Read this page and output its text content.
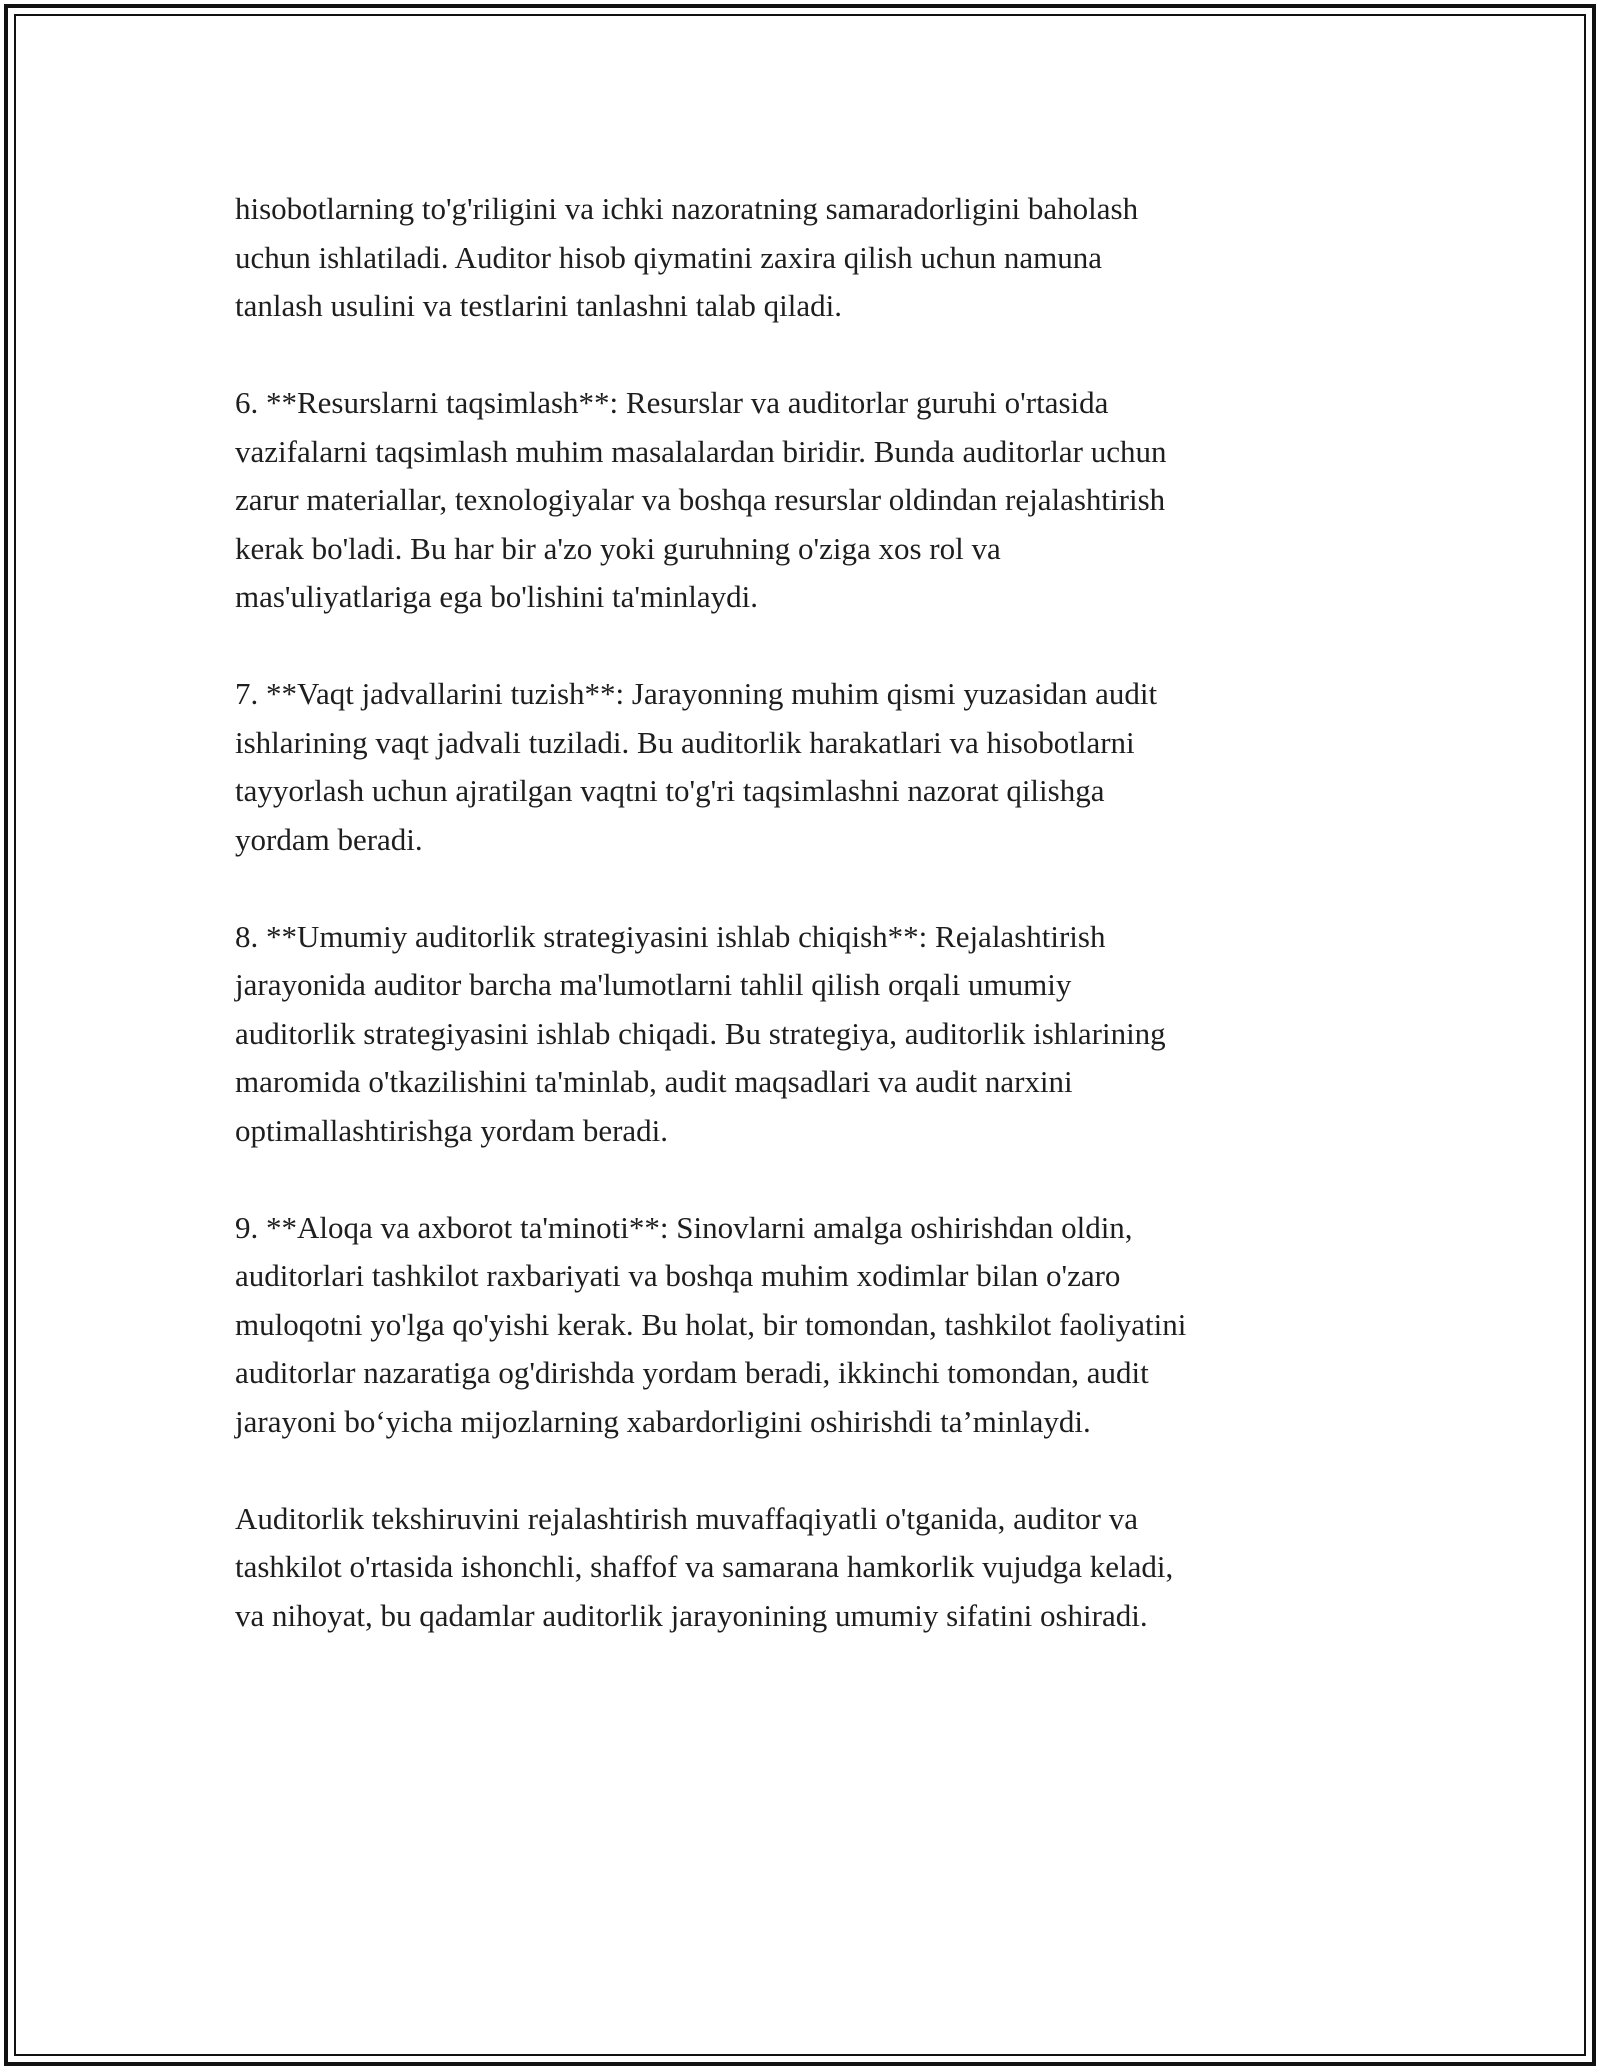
hisobotlarning to'g'riligini va ichki nazoratning samaradorligini baholash
uchun ishlatiladi. Auditor hisob qiymatini zaxira qilish uchun namuna
tanlash usulini va testlarini tanlashni talab qiladi.

6. **Resurslarni taqsimlash**: Resurslar va auditorlar guruhi o'rtasida
vazifalarni taqsimlash muhim masalalardan biridir. Bunda auditorlar uchun
zarur materiallar, texnologiyalar va boshqa resurslar oldindan rejalashtirish
kerak bo'ladi. Bu har bir a'zo yoki guruhning o'ziga xos rol va
mas'uliyatlariga ega bo'lishini ta'minlaydi.

7. **Vaqt jadvallarini tuzish**: Jarayonning muhim qismi yuzasidan audit
ishlarining vaqt jadvali tuziladi. Bu auditorlik harakatlari va hisobotlarni
tayyorlash uchun ajratilgan vaqtni to'g'ri taqsimlashni nazorat qilishga
yordam beradi.

8. **Umumiy auditorlik strategiyasini ishlab chiqish**: Rejalashtirish
jarayonida auditor barcha ma'lumotlarni tahlil qilish orqali umumiy
auditorlik strategiyasini ishlab chiqadi. Bu strategiya, auditorlik ishlarining
maromida o'tkazilishini ta'minlab, audit maqsadlari va audit narxini
optimallashtirishga yordam beradi.

9. **Aloqa va axborot ta'minoti**: Sinovlarni amalga oshirishdan oldin,
auditorlari tashkilot raxbariyati va boshqa muhim xodimlar bilan o'zaro
muloqotni yo'lga qo'yishi kerak. Bu holat, bir tomondan, tashkilot faoliyatini
auditorlar nazaratiga og'dirishda yordam beradi, ikkinchi tomondan, audit
jarayoni bo‘yicha mijozlarning xabardorligini oshirishdi ta’minlaydi.

Auditorlik tekshiruvini rejalashtirish muvaffaqiyatli o'tganida, auditor va
tashkilot o'rtasida ishonchli, shaffof va samarana hamkorlik vujudga keladi,
va nihoyat, bu qadamlar auditorlik jarayonining umumiy sifatini oshiradi.
